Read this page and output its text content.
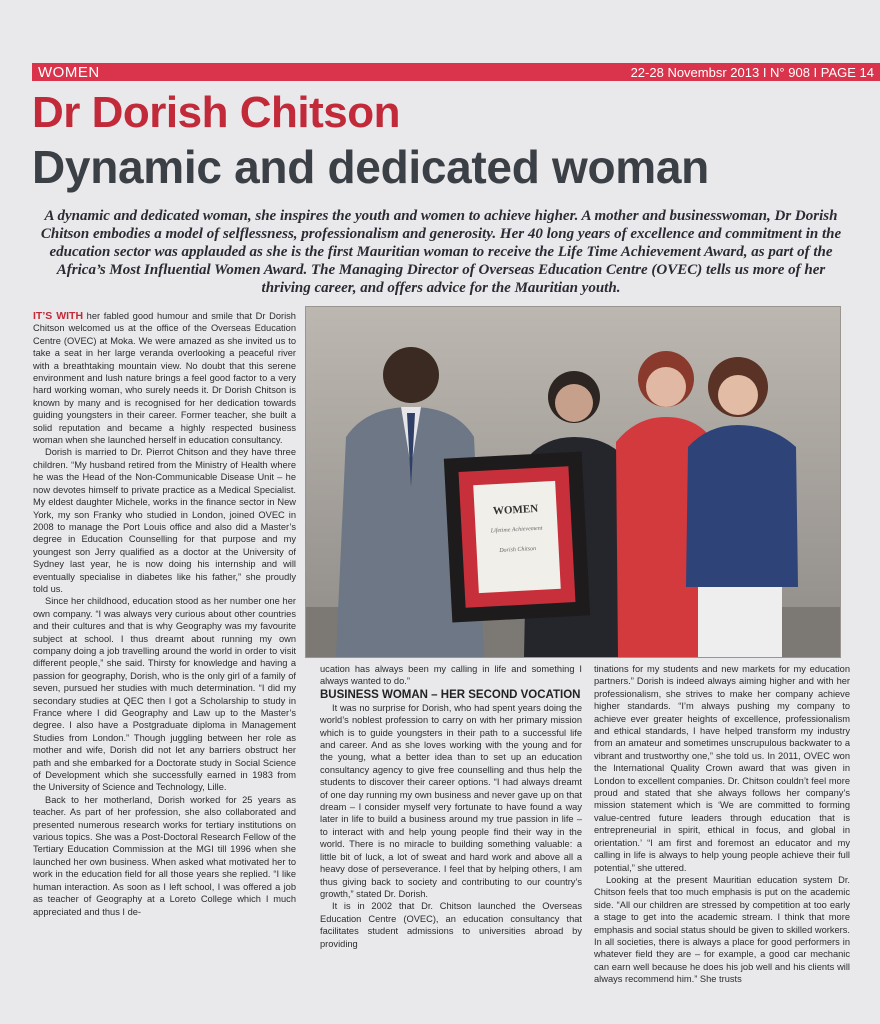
WOMEN	22-28 Novembsr 2013 I N° 908 I PAGE 14
Dr Dorish Chitson
Dynamic and dedicated woman
A dynamic and dedicated woman, she inspires the youth and women to achieve higher. A mother and businesswoman, Dr Dorish Chitson embodies a model of selflessness, professionalism and generosity. Her 40 long years of excellence and commitment in the education sector was applauded as she is the first Mauritian woman to receive the Life Time Achievement Award, as part of the Africa’s Most Influential Women Award. The Managing Director of Overseas Education Centre (OVEC) tells us more of her thriving career, and offers advice for the Mauritian youth.

IT’S WITH her fabled good humour and smile that Dr Dorish Chitson welcomed us at the office of the Overseas Education Centre (OVEC) at Moka. We were amazed as she invited us to take a seat in her large veranda overlooking a peaceful river with a breathtaking mountain view. No doubt that this serene environment and lush nature brings a feel good factor to a very hard working woman, who surely needs it. Dr Dorish Chitson is known by many and is recognised for her dedication towards guiding youngsters in their career. Former teacher, she built a solid reputation and became a highly respected business woman when she launched herself in education consultancy.

Dorish is married to Dr. Pierrot Chitson and they have three children. “My husband retired from the Ministry of Health where he was the Head of the Non-Communicable Disease Unit – he now devotes himself to private practice as a Medical Specialist. My eldest daughter Michele, works in the finance sector in New York, my son Franky who studied in London, joined OVEC in 2008 to manage the Port Louis office and also did a Master’s degree in Education Counselling for that purpose and my youngest son Jerry qualified as a doctor at the University of Sydney last year, he is now doing his internship and will eventually specialise in diabetes like his father,” she proudly told us.

Since her childhood, education stood as her number one her own company. “I was always very curious about other countries and their cultures and that is why Geography was my favourite subject at school. I thus dreamt about running my own company doing a job travelling around the world in order to visit different people,” she said. Thirsty for knowledge and having a passion for geography, Dorish, who is the only girl of a family of seven, pursued her studies with much determination. “I did my secondary studies at QEC then I got a Scholarship to study in France where I did Geography and Law up to the Master’s degree. I also have a Postgraduate diploma in Management Studies from London.” Though juggling between her role as mother and wife, Dorish did not let any barriers obstruct her path and she embarked for a Doctorate study in Social Science of Development which she successfully earned in 1983 from the University of Science and Technology, Lille.

Back to her motherland, Dorish worked for 25 years as teacher. As part of her profession, she also collaborated and presented numerous research works for tertiary institutions on various topics. She was a Post-Doctoral Research Fellow of the Tertiary Education Commission at the MGI till 1996 when she launched her own business. When asked what motivated her to work in the education field for all those years she replied. “I like human interaction. As soon as I left school, I was offered a job as teacher of Geography at a Loreto College which I much appreciated and thus I de-

WOMEN
Lifetime Achievement
Dorish Chitson

ucation has always been my calling in life and something I always wanted to do.”

BUSINESS WOMAN – HER SECOND VOCATION

It was no surprise for Dorish, who had spent years doing the world’s noblest profession to carry on with her primary mission which is to guide youngsters in their path to a successful life and career. And as she loves working with the young and for the young, what a better idea than to set up an education consultancy agency to give free counselling and thus help the students to discover their career options. “I had always dreamt of one day running my own business and never gave up on that dream – I consider myself very fortunate to have found a way later in life to build a business around my true passion in life – to interact with and help young people find their way in the world. There is no miracle to building something valuable: a little bit of luck, a lot of sweat and hard work and above all a heavy dose of perseverance. I feel that by helping others, I am thus giving back to society and contributing to our country’s growth,” stated Dr. Dorish.

It is in 2002 that Dr. Chitson launched the Overseas Education Centre (OVEC), an education consultancy that facilitates student admissions to universities abroad by providing

tinations for my students and new markets for my education partners.” Dorish is indeed always aiming higher and with her professionalism, she strives to make her company achieve higher standards. “I’m always pushing my company to achieve ever greater heights of excellence, professionalism and ethical standards, I have helped transform my industry from an amateur and sometimes unscrupulous backwater to a vibrant and trustworthy one,” she told us. In 2011, OVEC won the International Quality Crown award that was given in London to excellent companies. Dr. Chitson couldn’t feel more proud and stated that she always follows her company’s mission statement which is ‘We are committed to forming value-centred future leaders through education that is entrepreneurial in spirit, ethical in focus, and global in orientation.’ “I am first and foremost an educator and my calling in life is always to help young people achieve their full potential,” she uttered.

Looking at the present Mauritian education system Dr. Chitson feels that too much emphasis is put on the academic side. “All our children are stressed by competition at too early a stage to get into the academic stream. I think that more emphasis and social status should be given to skilled workers. In all societies, there is always a place for good performers in whatever field they are – for example, a good car mechanic can earn well because he does his job well and his clients will always recommend him.” She trusts
